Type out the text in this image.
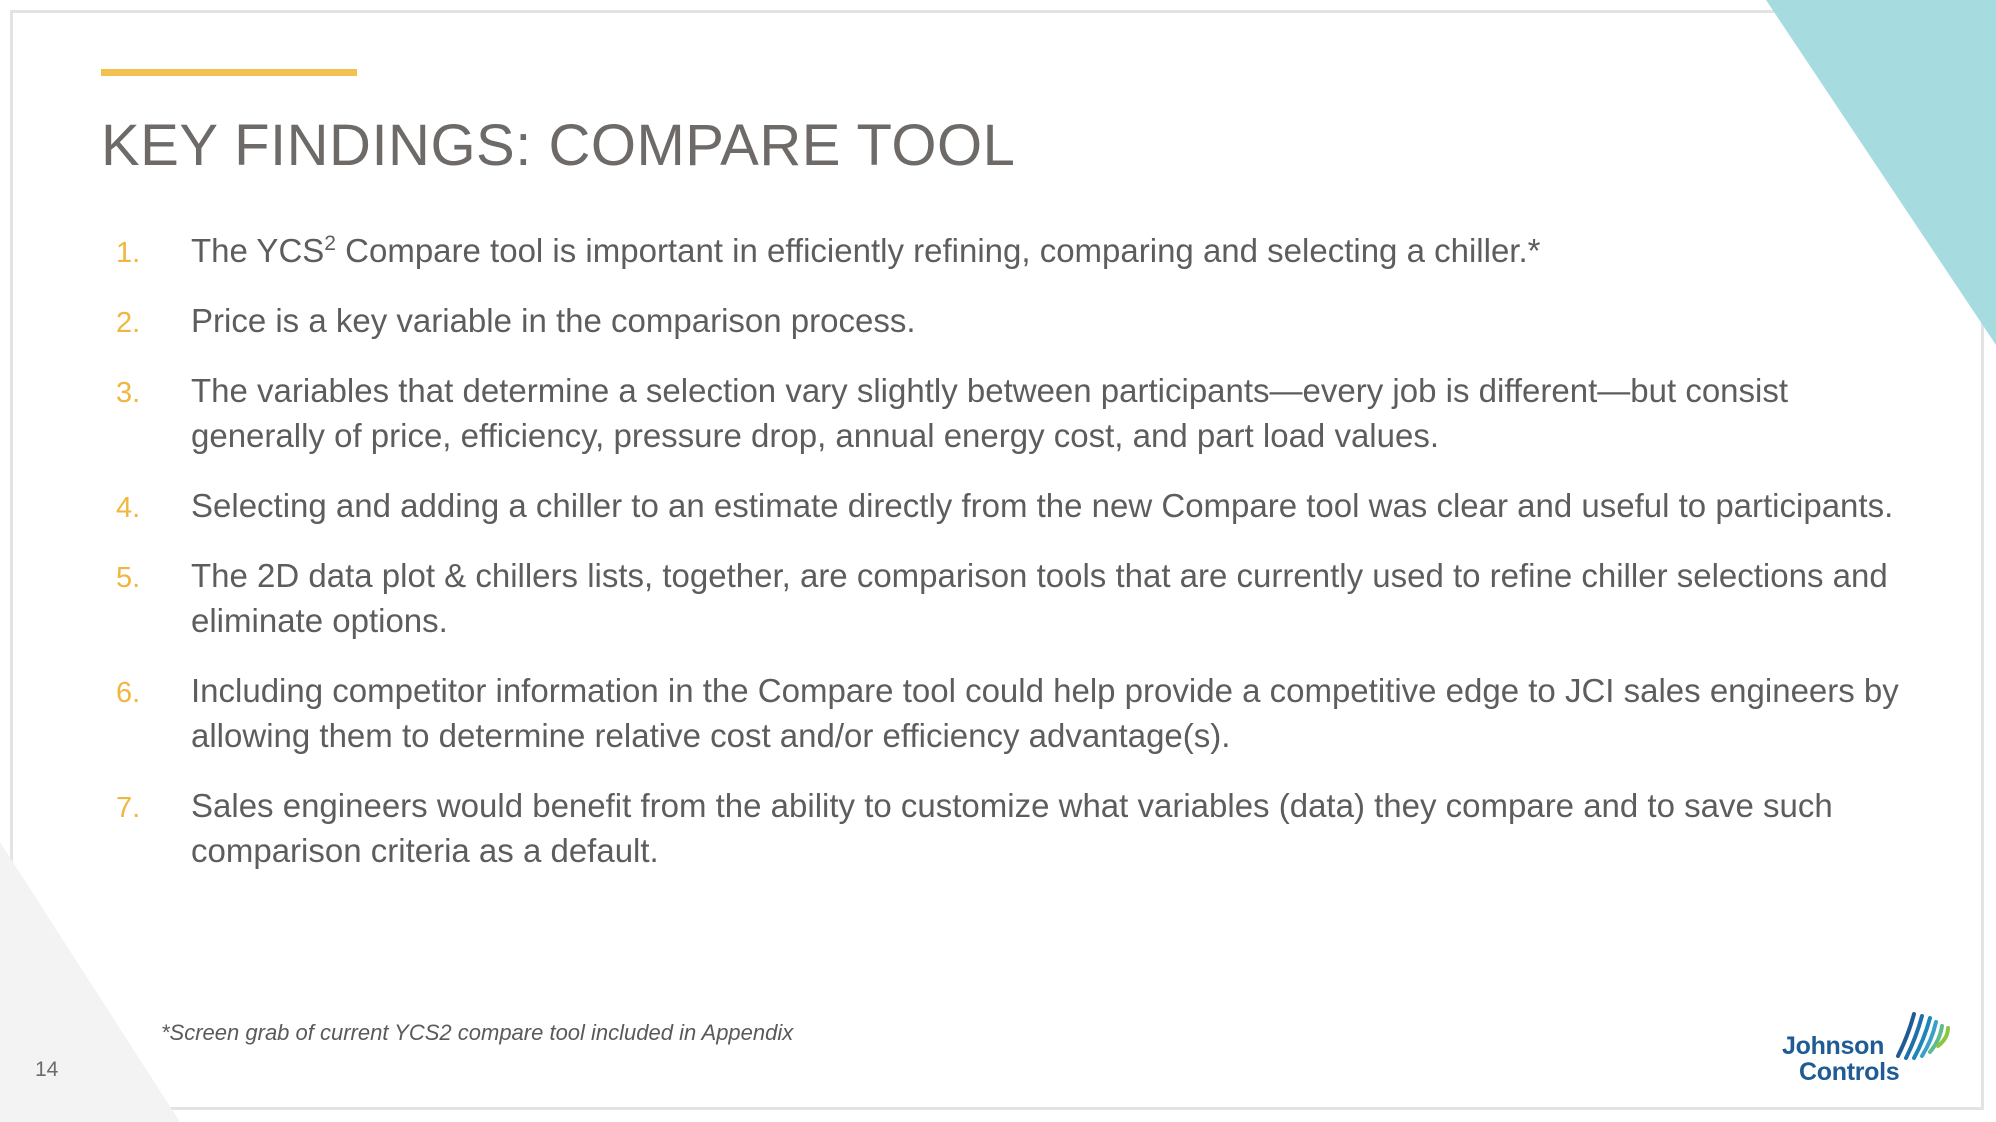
KEY FINDINGS: COMPARE TOOL
1. The YCS$^2$ Compare tool is important in efficiently refining, comparing and selecting a chiller.*
2. Price is a key variable in the comparison process.
3. The variables that determine a selection vary slightly between participants—every job is different—but consist generally of price, efficiency, pressure drop, annual energy cost, and part load values.
4. Selecting and adding a chiller to an estimate directly from the new Compare tool was clear and useful to participants.
5. The 2D data plot & chillers lists, together, are comparison tools that are currently used to refine chiller selections and eliminate options.
6. Including competitor information in the Compare tool could help provide a competitive edge to JCI sales engineers by allowing them to determine relative cost and/or efficiency advantage(s).
7. Sales engineers would benefit from the ability to customize what variables (data) they compare and to save such comparison criteria as a default.
*Screen grab of current YCS2 compare tool included in Appendix
14
Johnson
Controls
